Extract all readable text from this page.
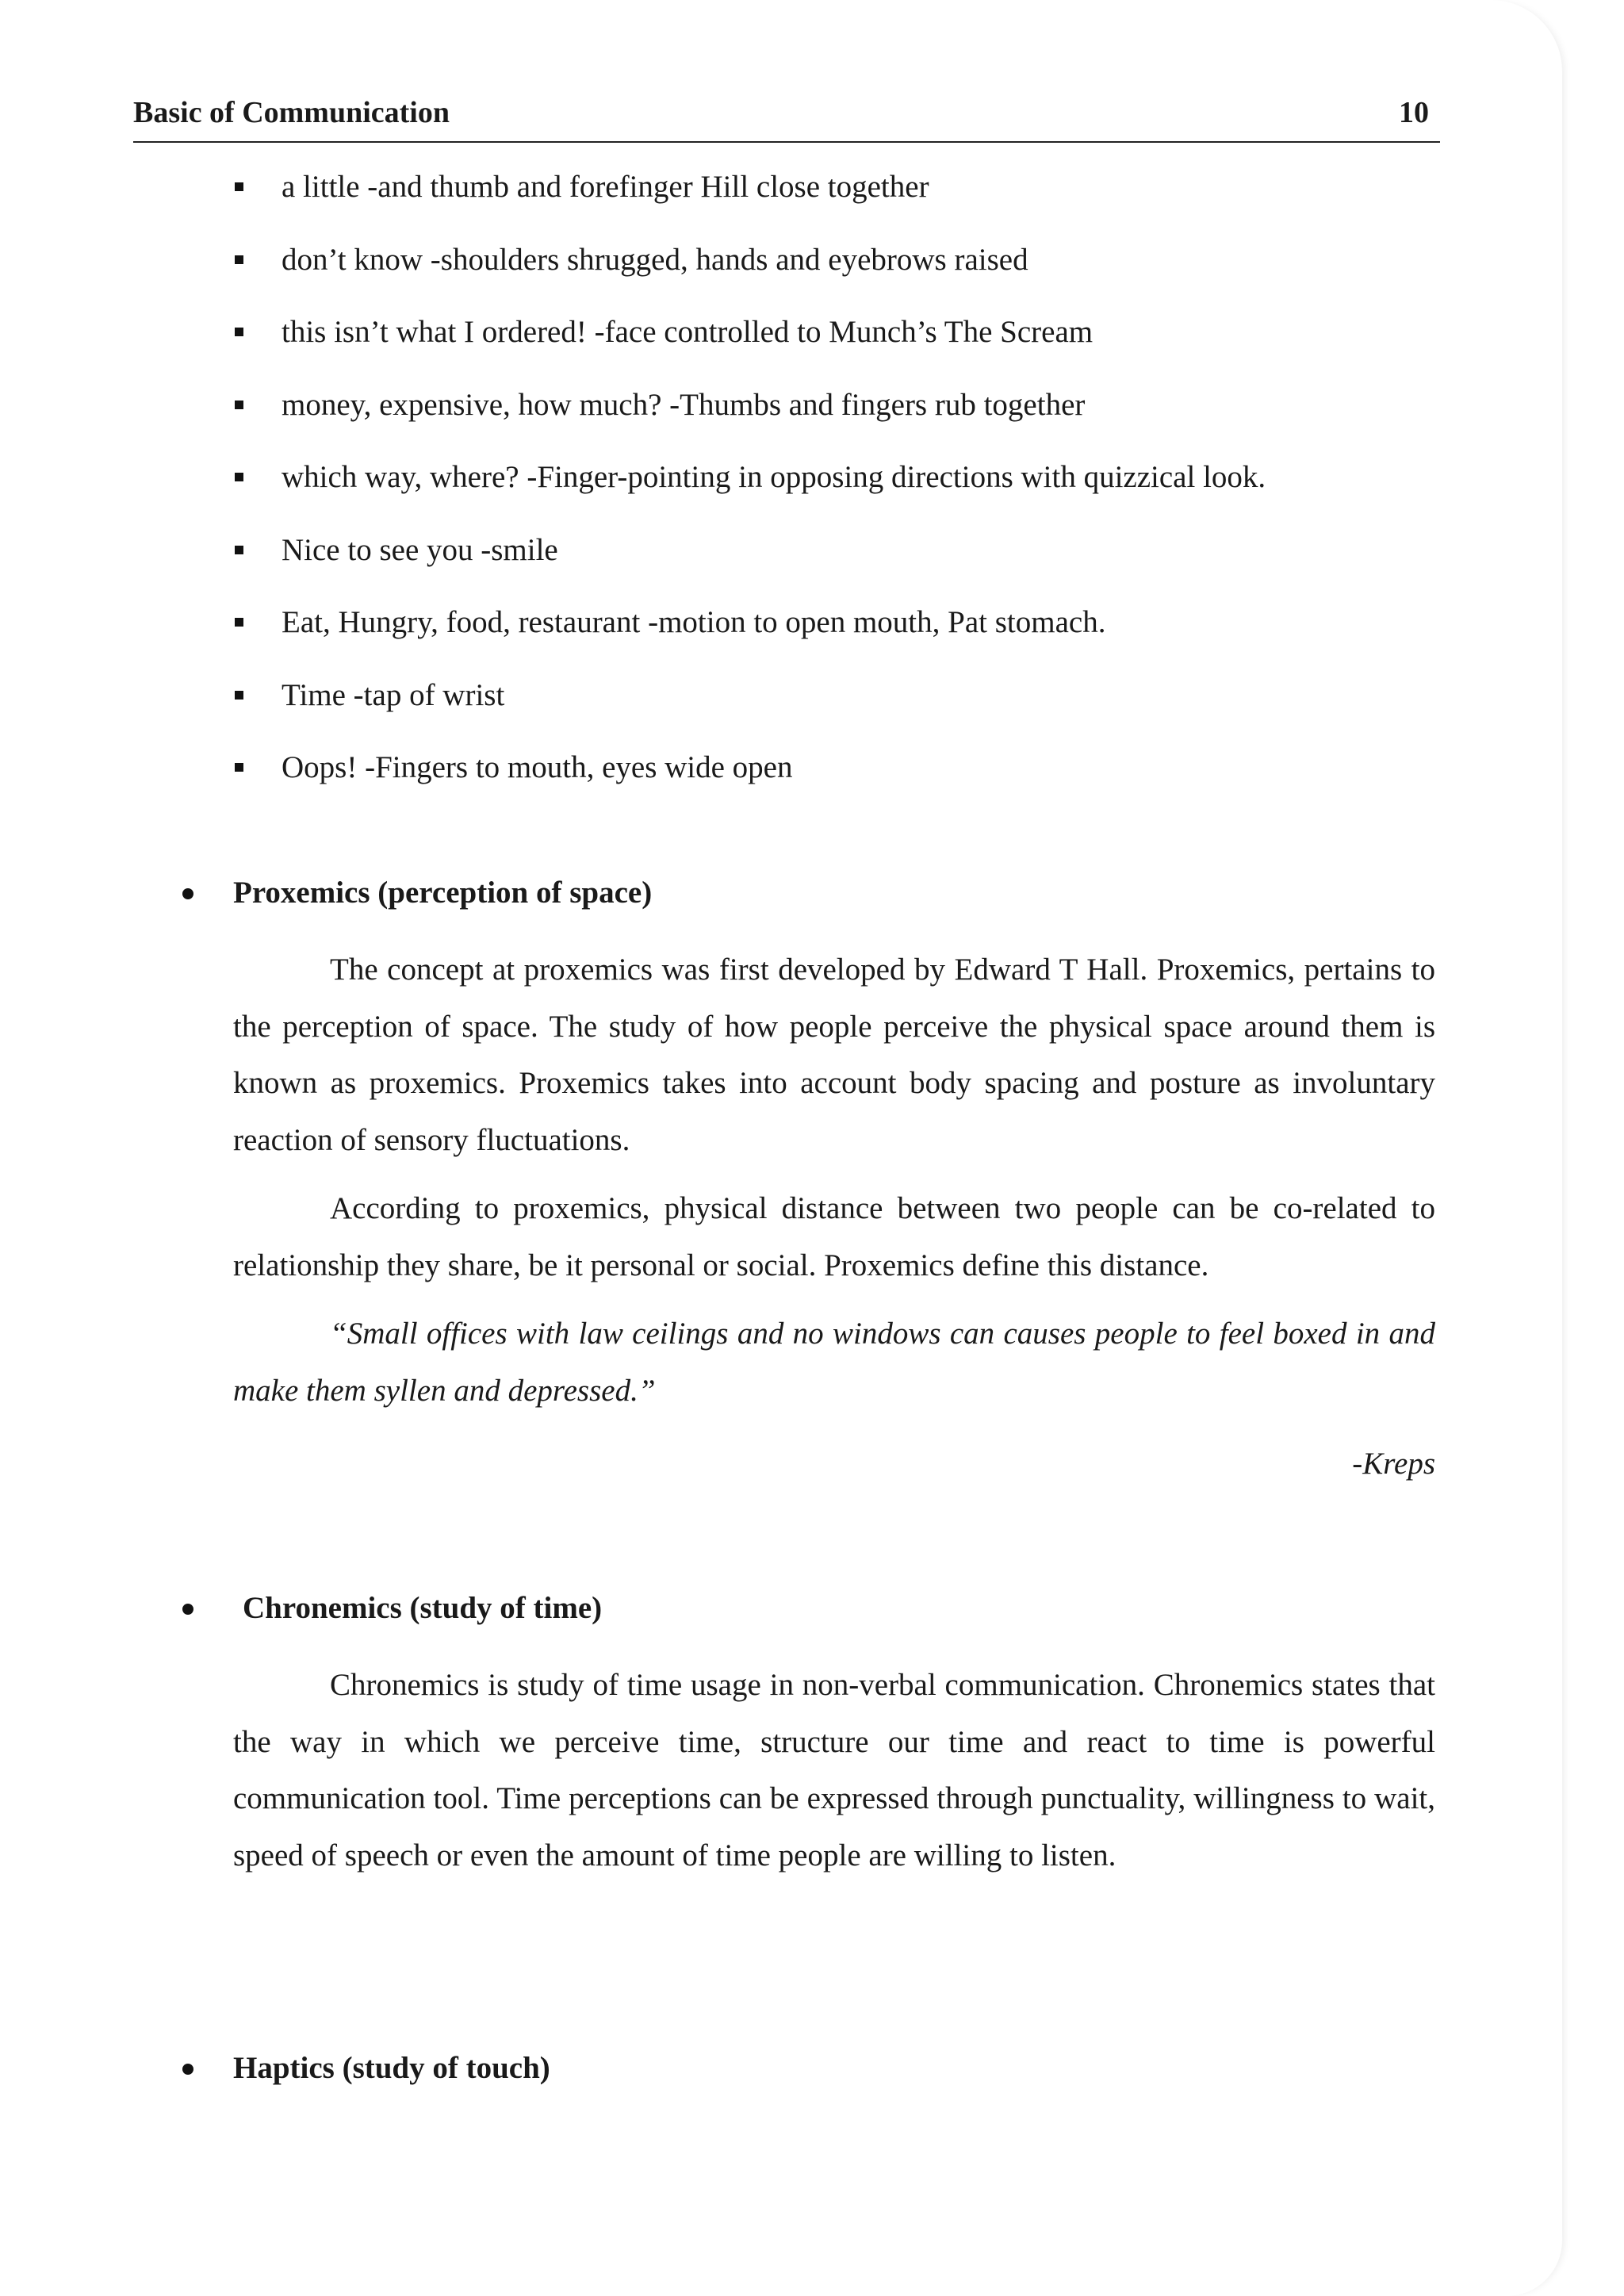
Basic of Communication	10
a little -and thumb and forefinger Hill close together
don’t know -shoulders shrugged, hands and eyebrows raised
this isn’t what I ordered! -face controlled to Munch’s The Scream
money, expensive, how much? -Thumbs and fingers rub together
which way, where? -Finger-pointing in opposing directions with quizzical look.
Nice to see you -smile
Eat, Hungry, food, restaurant -motion to open mouth, Pat stomach.
Time -tap of wrist
Oops! -Fingers to mouth, eyes wide open
Proxemics (perception of space)

The concept at proxemics was first developed by Edward T Hall. Proxemics, pertains to the perception of space. The study of how people perceive the physical space around them is known as proxemics. Proxemics takes into account body spacing and posture as involuntary reaction of sensory fluctuations.

According to proxemics, physical distance between two people can be co-related to relationship they share, be it personal or social. Proxemics define this distance.

“Small offices with law ceilings and no windows can causes people to feel boxed in and make them syllen and depressed.”

-Kreps
Chronemics (study of time)

Chronemics is study of time usage in non-verbal communication. Chronemics states that the way in which we perceive time, structure our time and react to time is powerful communication tool. Time perceptions can be expressed through punctuality, willingness to wait, speed of speech or even the amount of time people are willing to listen.

Haptics (study of touch)
